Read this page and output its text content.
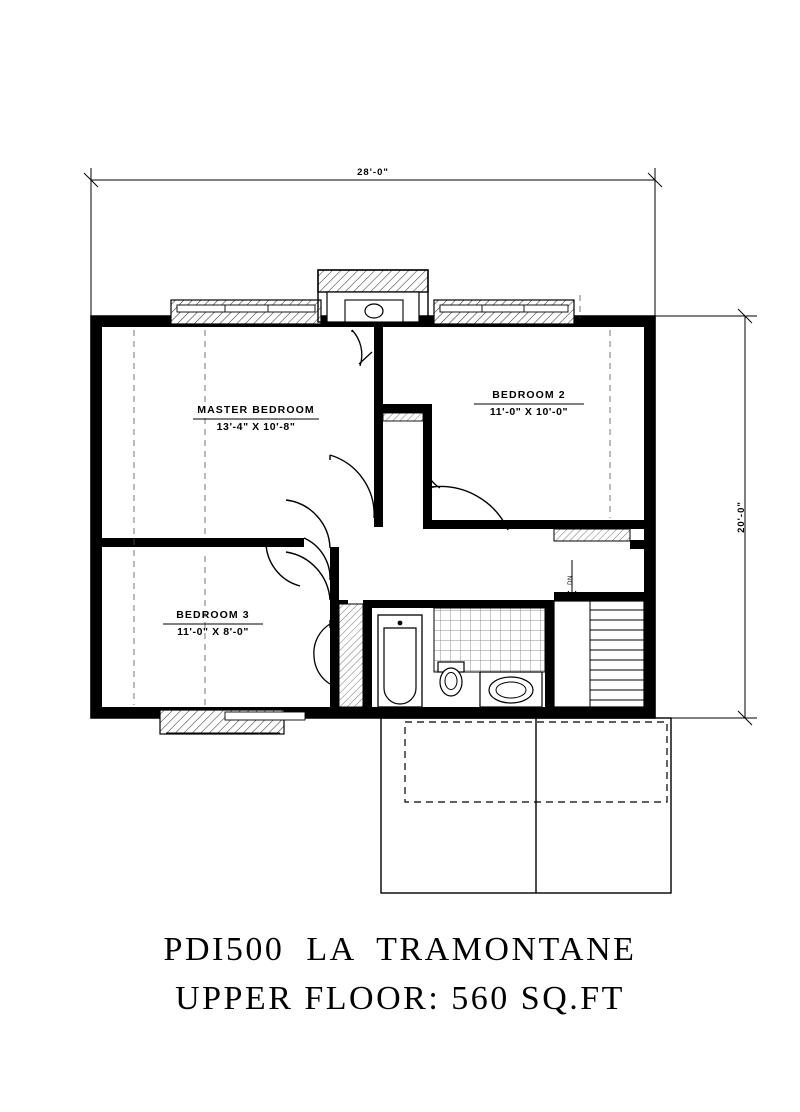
28'-0"
20'-0"
DN
MASTER BEDROOM
13'-4" X 10'-8"
BEDROOM 2
11'-0" X 10'-0"
BEDROOM 3
11'-0" X 8'-0"
PDI500  LA  TRAMONTANE
UPPER FLOOR: 560 SQ.FT
